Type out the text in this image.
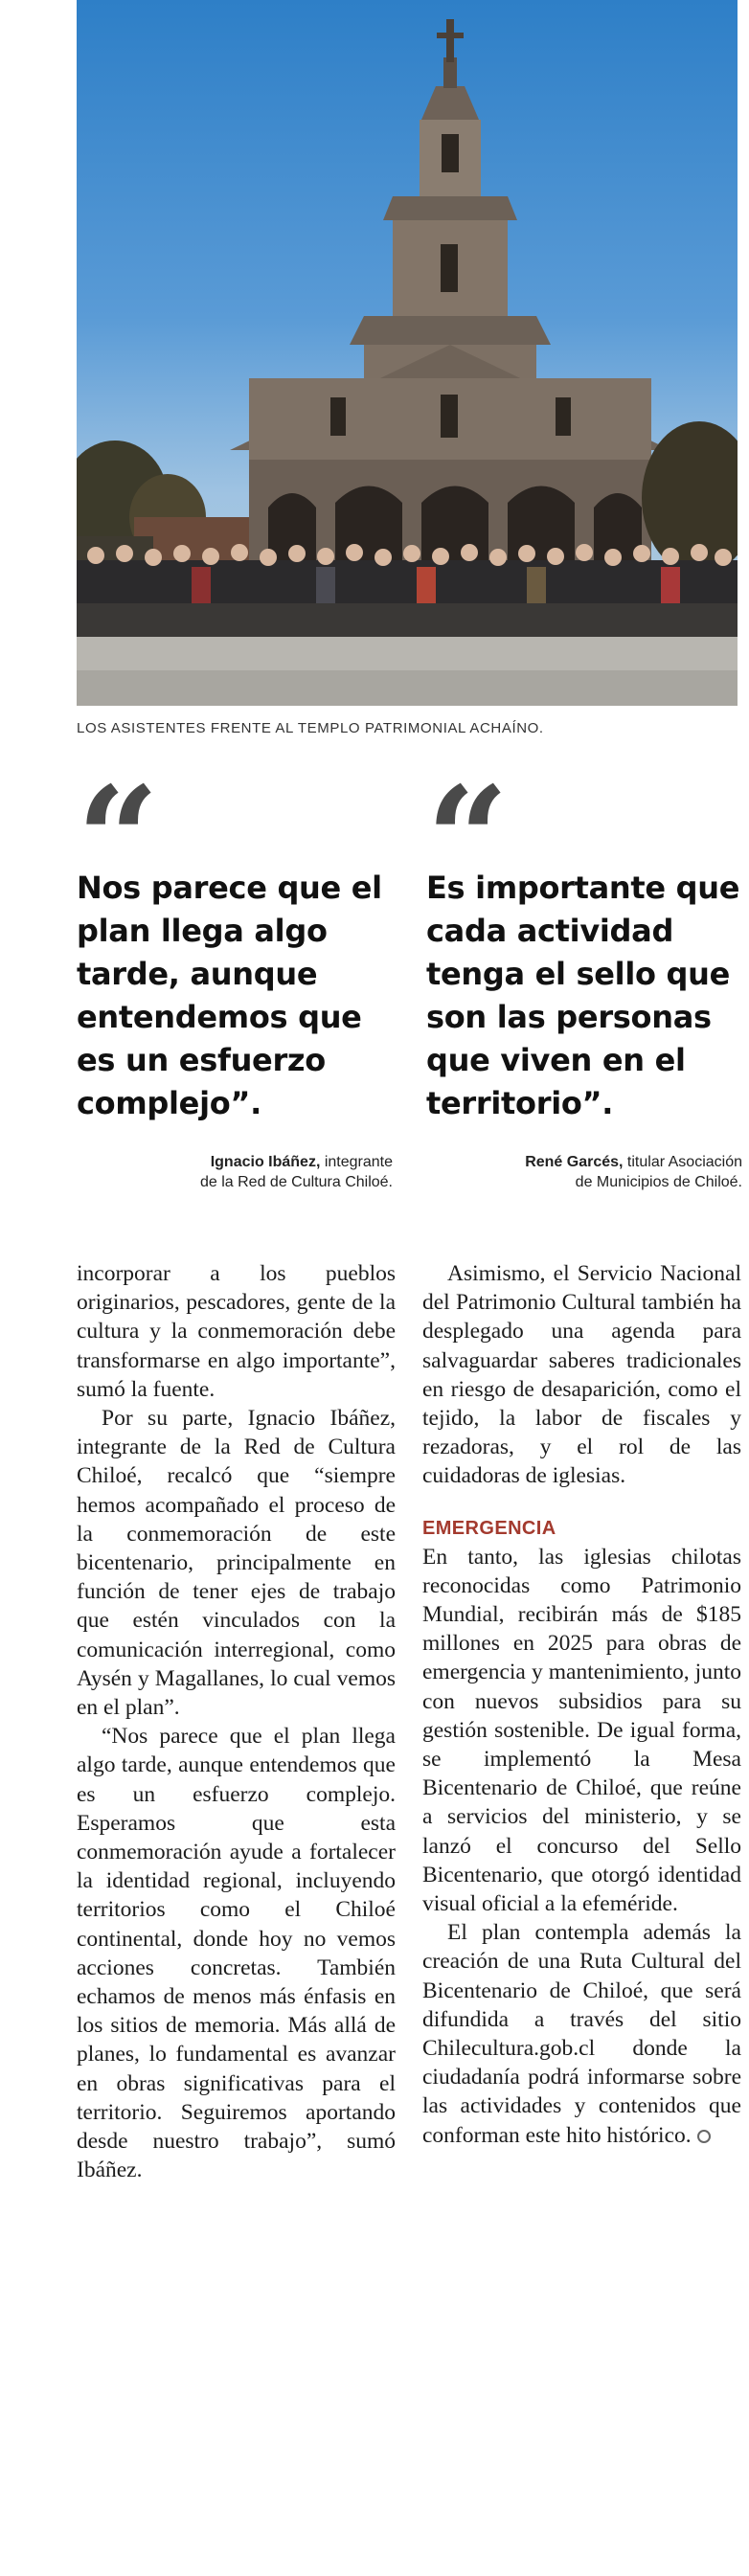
LOS ASISTENTES FRENTE AL TEMPLO PATRIMONIAL ACHAÍNO.
“
Nos parece que el plan llega algo tarde, aunque entendemos que es un esfuerzo complejo”.
Ignacio Ibáñez, integrante
de la Red de Cultura Chiloé.
“
Es importante que cada actividad tenga el sello que son las personas que viven en el territorio”.
René Garcés, titular Asociación
de Municipios de Chiloé.

incorporar a los pueblos originarios, pescadores, gente de la cultura y la conmemoración debe transformarse en algo importante”, sumó la fuente.

Por su parte, Ignacio Ibáñez, integrante de la Red de Cultura Chiloé, recalcó que “siempre hemos acompañado el proceso de la conmemoración de este bicentenario, principalmente en función de tener ejes de trabajo que estén vinculados con la comunicación interregional, como Aysén y Magallanes, lo cual vemos en el plan”.

“Nos parece que el plan llega algo tarde, aunque entendemos que es un esfuerzo complejo. Esperamos que esta conmemoración ayude a fortalecer la identidad regional, incluyendo territorios como el Chiloé continental, donde hoy no vemos acciones concretas. También echamos de menos más énfasis en los sitios de memoria. Más allá de planes, lo fundamental es avanzar en obras significativas para el territorio. Seguiremos aportando desde nuestro trabajo”, sumó Ibáñez.

Asimismo, el Servicio Nacional del Patrimonio Cultural también ha desplegado una agenda para salvaguardar saberes tradicionales en riesgo de desaparición, como el tejido, la labor de fiscales y rezadoras, y el rol de las cuidadoras de iglesias.

EMERGENCIA

En tanto, las iglesias chilotas reconocidas como Patrimonio Mundial, recibirán más de $185 millones en 2025 para obras de emergencia y mantenimiento, junto con nuevos subsidios para su gestión sostenible. De igual forma, se implementó la Mesa Bicentenario de Chiloé, que reúne a servicios del ministerio, y se lanzó el concurso del Sello Bicentenario, que otorgó identidad visual oficial a la efeméride.

El plan contempla además la creación de una Ruta Cultural del Bicentenario de Chiloé, que será difundida a través del sitio Chilecultura.gob.cl donde la ciudadanía podrá informarse sobre las actividades y contenidos que conforman este hito histórico.
